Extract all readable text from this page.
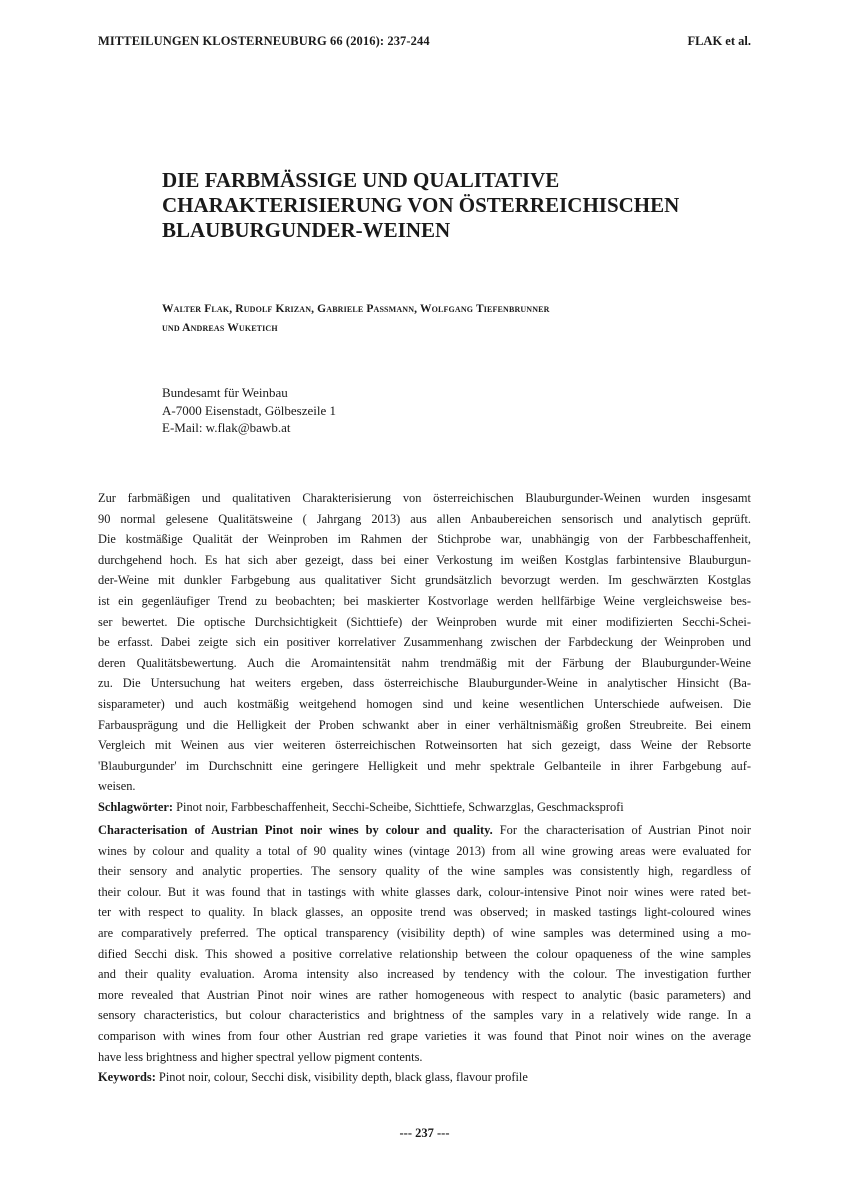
MITTEILUNGEN KLOSTERNEUBURG 66 (2016): 237-244	FLAK et al.
DIE FARBMÄSSIGE UND QUALITATIVE
CHARAKTERISIERUNG VON ÖSTERREICHISCHEN
BLAUBURGUNDER-WEINEN
Walter Flak, Rudolf Krizan, Gabriele Passmann, Wolfgang Tiefenbrunner
und Andreas Wuketich
Bundesamt für Weinbau
A-7000 Eisenstadt, Gölbeszeile 1
E-Mail: w.flak@bawb.at
Zur farbmäßigen und qualitativen Charakterisierung von österreichischen Blauburgunder-Weinen wurden insgesamt
90 normal gelesene Qualitätsweine ( Jahrgang 2013) aus allen Anbaubereichen sensorisch und analytisch geprüft.
Die kostmäßige Qualität der Weinproben im Rahmen der Stichprobe war, unabhängig von der Farbbeschaffenheit,
durchgehend hoch. Es hat sich aber gezeigt, dass bei einer Verkostung im weißen Kostglas farbintensive Blauburgun-
der-Weine mit dunkler Farbgebung aus qualitativer Sicht grundsätzlich bevorzugt werden. Im geschwärzten Kostglas
ist ein gegenläufiger Trend zu beobachten; bei maskierter Kostvorlage werden hellfärbige Weine vergleichsweise bes-
ser bewertet. Die optische Durchsichtigkeit (Sichttiefe) der Weinproben wurde mit einer modifizierten Secchi-Schei-
be erfasst. Dabei zeigte sich ein positiver korrelativer Zusammenhang zwischen der Farbdeckung der Weinproben und
deren Qualitätsbewertung. Auch die Aromaintensität nahm trendmäßig mit der Färbung der Blauburgunder-Weine
zu. Die Untersuchung hat weiters ergeben, dass österreichische Blauburgunder-Weine in analytischer Hinsicht (Ba-
sisparameter) und auch kostmäßig weitgehend homogen sind und keine wesentlichen Unterschiede aufweisen. Die
Farbausprägung und die Helligkeit der Proben schwankt aber in einer verhältnismäßig großen Streubreite. Bei einem
Vergleich mit Weinen aus vier weiteren österreichischen Rotweinsorten hat sich gezeigt, dass Weine der Rebsorte
'Blauburgunder' im Durchschnitt eine geringere Helligkeit und mehr spektrale Gelbanteile in ihrer Farbgebung auf-
weisen.
Schlagwörter: Pinot noir, Farbbeschaffenheit, Secchi-Scheibe, Sichttiefe, Schwarzglas, Geschmacksprofi
Characterisation of Austrian Pinot noir wines by colour and quality. For the characterisation of Austrian Pinot noir
wines by colour and quality a total of 90 quality wines (vintage 2013) from all wine growing areas were evaluated for
their sensory and analytic properties. The sensory quality of the wine samples was consistently high, regardless of
their colour. But it was found that in tastings with white glasses dark, colour-intensive Pinot noir wines were rated bet-
ter with respect to quality. In black glasses, an opposite trend was observed; in masked tastings light-coloured wines
are comparatively preferred. The optical transparency (visibility depth) of wine samples was determined using a mo-
dified Secchi disk. This showed a positive correlative relationship between the colour opaqueness of the wine samples
and their quality evaluation. Aroma intensity also increased by tendency with the colour. The investigation further
more revealed that Austrian Pinot noir wines are rather homogeneous with respect to analytic (basic parameters) and
sensory characteristics, but colour characteristics and brightness of the samples vary in a relatively wide range. In a
comparison with wines from four other Austrian red grape varieties it was found that Pinot noir wines on the average
have less brightness and higher spectral yellow pigment contents.
Keywords: Pinot noir, colour, Secchi disk, visibility depth, black glass, flavour profile
--- 237 ---
